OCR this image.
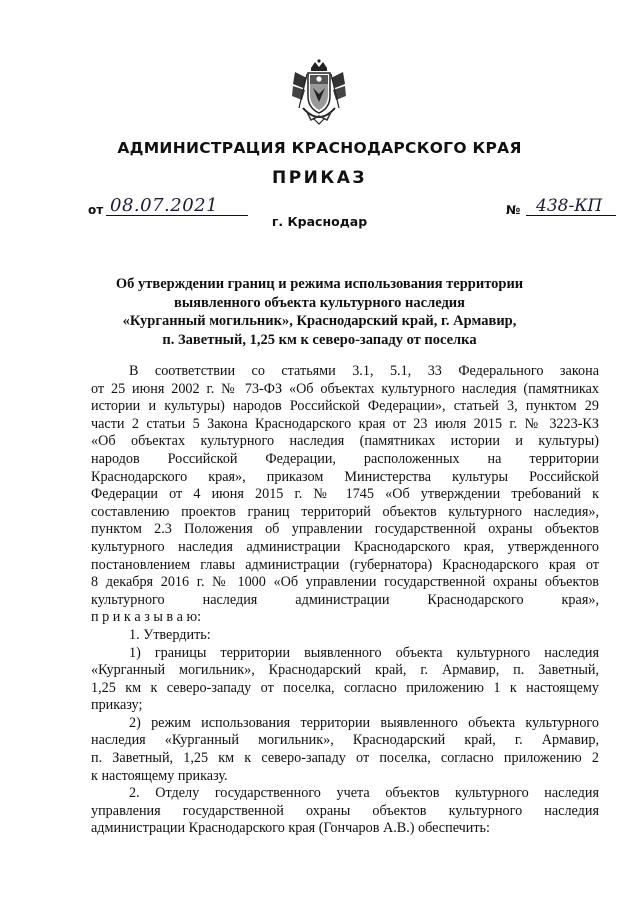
АДМИНИСТРАЦИЯ КРАСНОДАРСКОГО КРАЯ
ПРИКАЗ
от 08.07.2021	№ 438-КП
г. Краснодар
Об утверждении границ и режима использования территории
выявленного объекта культурного наследия
«Курганный могильник», Краснодарский край, г. Армавир,
п. Заветный, 1,25 км к северо-западу от поселка
В соответствии со статьями 3.1, 5.1, 33 Федерального закона
от 25 июня 2002 г. № 73-ФЗ «Об объектах культурного наследия (памятниках
истории и культуры) народов Российской Федерации», статьей 3, пунктом 29
части 2 статьи 5 Закона Краснодарского края от 23 июля 2015 г. № 3223-КЗ
«Об объектах культурного наследия (памятниках истории и культуры)
народов Российской Федерации, расположенных на территории
Краснодарского края», приказом Министерства культуры Российской
Федерации от 4 июня 2015 г. № 1745 «Об утверждении требований к
составлению проектов границ территорий объектов культурного наследия»,
пунктом 2.3 Положения об управлении государственной охраны объектов
культурного наследия администрации Краснодарского края, утвержденного
постановлением главы администрации (губернатора) Краснодарского края от
8 декабря 2016 г. № 1000 «Об управлении государственной охраны объектов
культурного наследия администрации Краснодарского края»,
п р и к а з ы в а ю:
1. Утвердить:
1) границы территории выявленного объекта культурного наследия
«Курганный могильник», Краснодарский край, г. Армавир, п. Заветный,
1,25 км к северо-западу от поселка, согласно приложению 1 к настоящему
приказу;
2) режим использования территории выявленного объекта культурного
наследия «Курганный могильник», Краснодарский край, г. Армавир,
п. Заветный, 1,25 км к северо-западу от поселка, согласно приложению 2
к настоящему приказу.
2. Отделу государственного учета объектов культурного наследия
управления государственной охраны объектов культурного наследия
администрации Краснодарского края (Гончаров А.В.) обеспечить:
